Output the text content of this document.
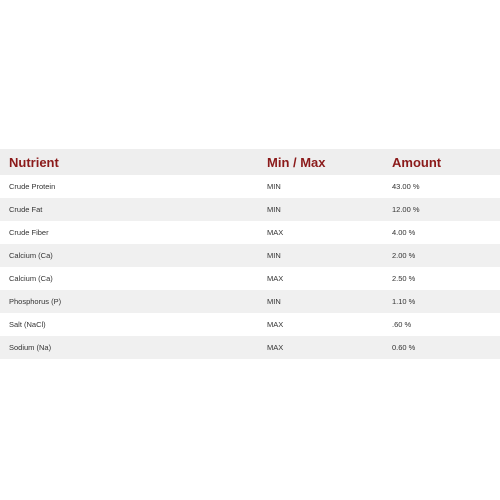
Nutrient	Min / Max	Amount
Crude Protein	MIN	43.00 %
Crude Fat	MIN	12.00 %
Crude Fiber	MAX	4.00 %
Calcium (Ca)	MIN	2.00 %
Calcium (Ca)	MAX	2.50 %
Phosphorus (P)	MIN	1.10 %
Salt (NaCl)	MAX	.60 %
Sodium (Na)	MAX	0.60 %
